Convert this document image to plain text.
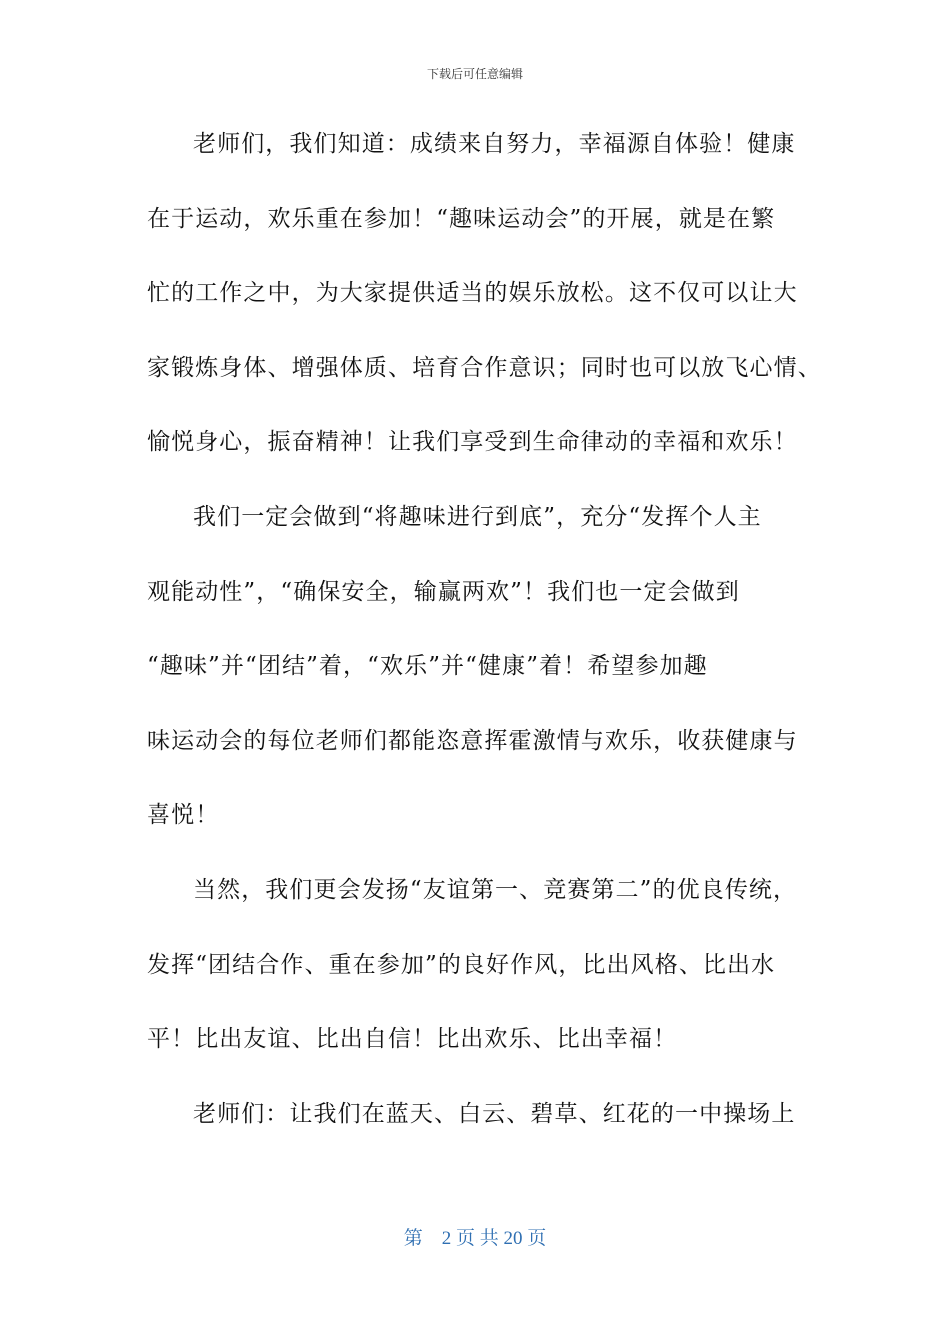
下载后可任意编辑
老师们，我们知道：成绩来自努力，幸福源自体验！健康
在于运动，欢乐重在参加！“趣味运动会”的开展，就是在繁
忙的工作之中，为大家提供适当的娱乐放松。这不仅可以让大
家锻炼身体、增强体质、培育合作意识；同时也可以放飞心情、
愉悦身心，振奋精神！让我们享受到生命律动的幸福和欢乐！
我们一定会做到“将趣味进行到底”，充分“发挥个人主
观能动性”，“确保安全，输赢两欢”！我们也一定会做到
“趣味”并“团结”着，“欢乐”并“健康”着！希望参加趣
味运动会的每位老师们都能恣意挥霍激情与欢乐，收获健康与
喜悦！
当然，我们更会发扬“友谊第一、竞赛第二”的优良传统，
发挥“团结合作、重在参加”的良好作风，比出风格、比出水
平！比出友谊、比出自信！比出欢乐、比出幸福！
老师们：让我们在蓝天、白云、碧草、红花的一中操场上
第　2 页 共 20 页
